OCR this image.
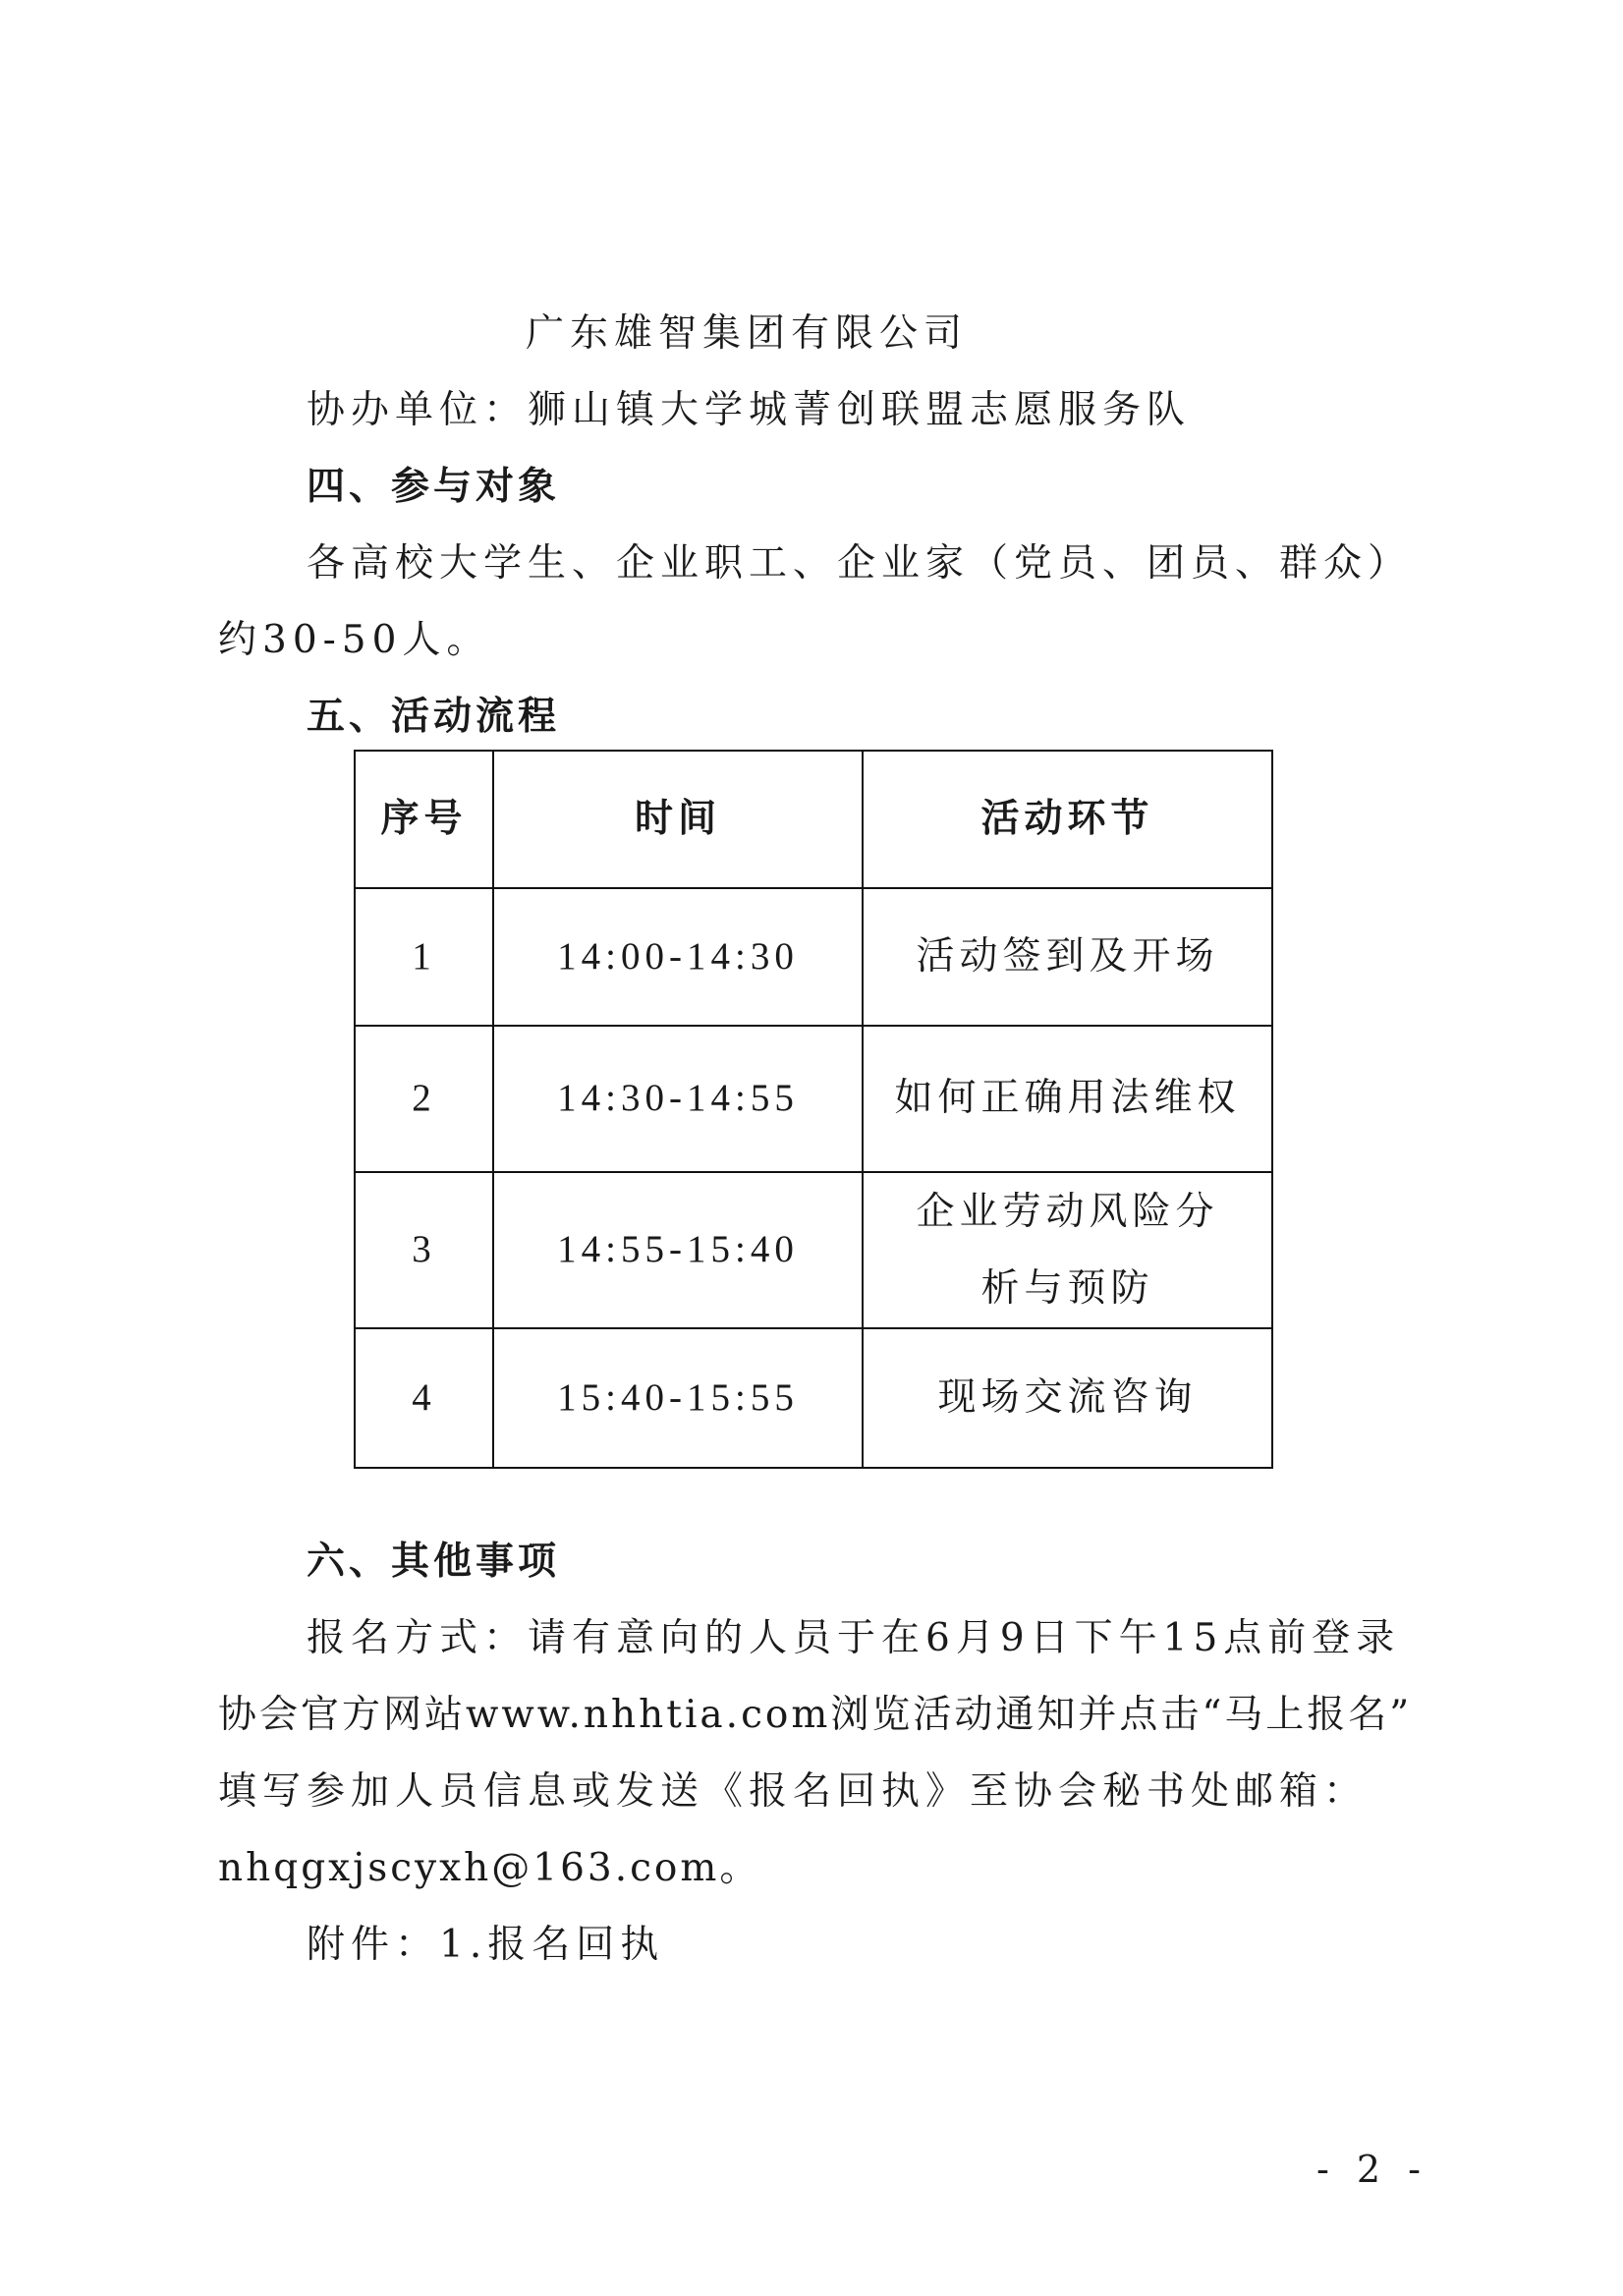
广东雄智集团有限公司
协办单位：狮山镇大学城菁创联盟志愿服务队
四、参与对象
各高校大学生、企业职工、企业家（党员、团员、群众）
约30-50人。
五、活动流程
序号	时间	活动环节
1	14:00-14:30	活动签到及开场
2	14:30-14:55	如何正确用法维权
3	14:55-15:40	企业劳动风险分析与预防
4	15:40-15:55	现场交流咨询
六、其他事项
报名方式：请有意向的人员于在6月9日下午15点前登录
协会官方网站www.nhhtia.com浏览活动通知并点击“马上报名”
填写参加人员信息或发送《报名回执》至协会秘书处邮箱：
nhqgxjscyxh@163.com。
附件：1.报名回执
- 2 -
